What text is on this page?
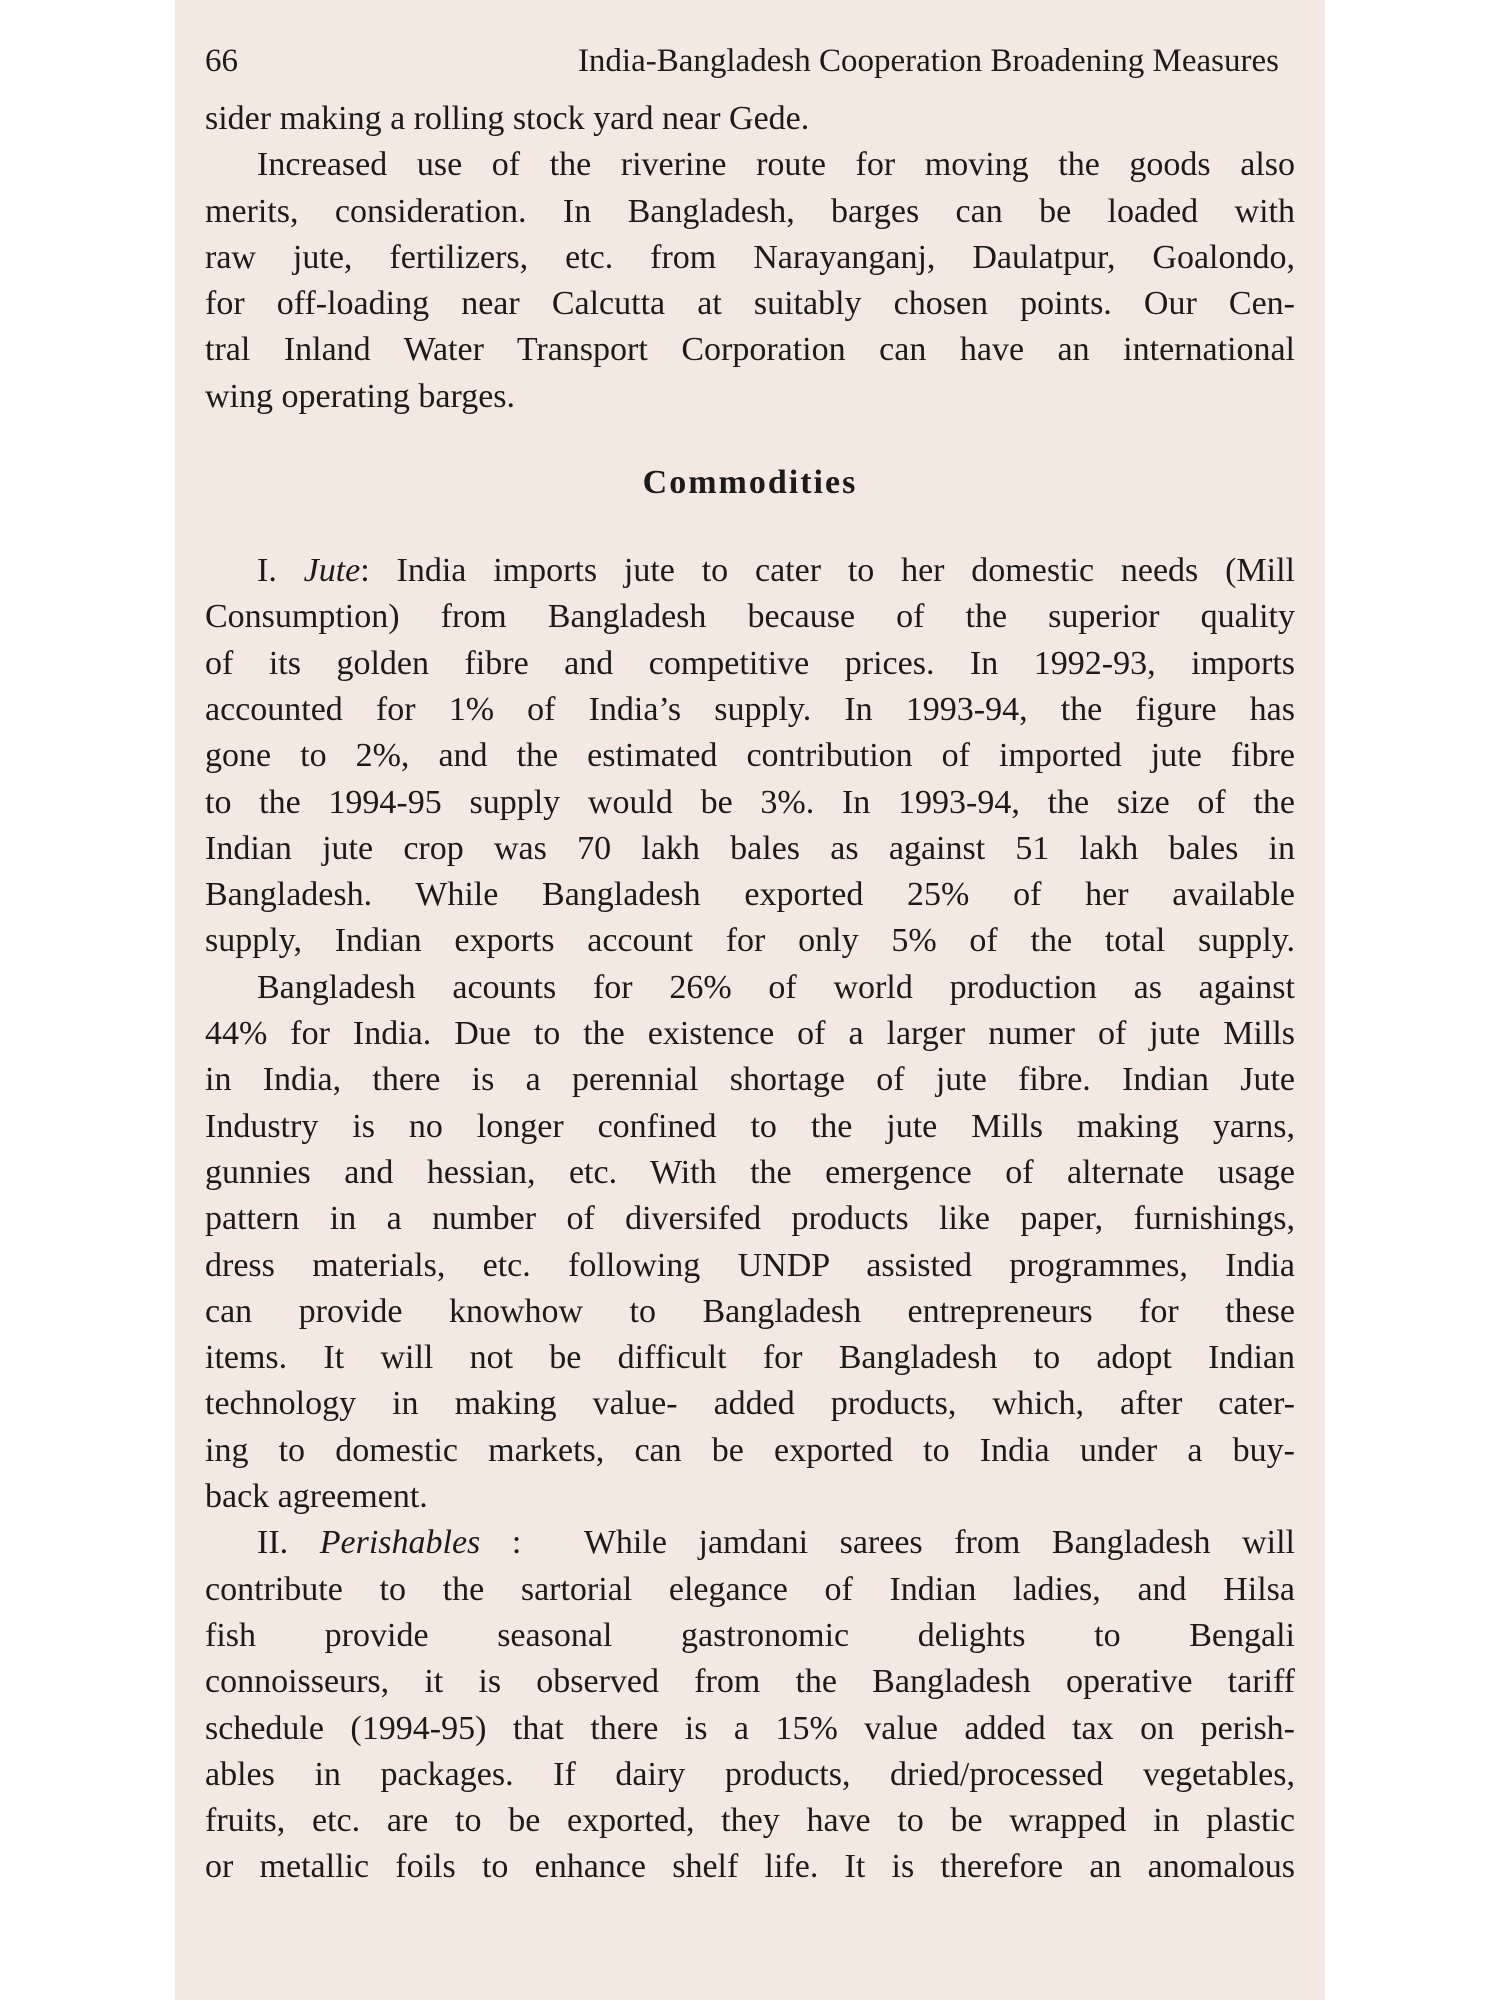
66	India-Bangladesh Cooperation Broadening Measures
sider making a rolling stock yard near Gede.
Increased use of the riverine route for moving the goods also
merits, consideration. In Bangladesh, barges can be loaded with
raw jute, fertilizers, etc. from Narayanganj, Daulatpur, Goalondo,
for off-loading near Calcutta at suitably chosen points. Our Cen-
tral Inland Water Transport Corporation can have an international
wing operating barges.
Commodities
I. Jute: India imports jute to cater to her domestic needs (Mill
Consumption) from Bangladesh because of the superior quality
of its golden fibre and competitive prices. In 1992-93, imports
accounted for 1% of India’s supply. In 1993-94, the figure has
gone to 2%, and the estimated contribution of imported jute fibre
to the 1994-95 supply would be 3%. In 1993-94, the size of the
Indian jute crop was 70 lakh bales as against 51 lakh bales in
Bangladesh. While Bangladesh exported 25% of her available
supply, Indian exports account for only 5% of the total supply.
Bangladesh acounts for 26% of world production as against
44% for India. Due to the existence of a larger numer of jute Mills
in India, there is a perennial shortage of jute fibre. Indian Jute
Industry is no longer confined to the jute Mills making yarns,
gunnies and hessian, etc. With the emergence of alternate usage
pattern in a number of diversifed products like paper, furnishings,
dress materials, etc. following UNDP assisted programmes, India
can provide knowhow to Bangladesh entrepreneurs for these
items. It will not be difficult for Bangladesh to adopt Indian
technology in making value- added products, which, after cater-
ing to domestic markets, can be exported to India under a buy-
back agreement.
II. Perishables :  While jamdani sarees from Bangladesh will
contribute to the sartorial elegance of Indian ladies, and Hilsa
fish provide seasonal gastronomic delights to Bengali
connoisseurs, it is observed from the Bangladesh operative tariff
schedule (1994-95) that there is a 15% value added tax on perish-
ables in packages. If dairy products, dried/processed vegetables,
fruits, etc. are to be exported, they have to be wrapped in plastic
or metallic foils to enhance shelf life. It is therefore an anomalous
